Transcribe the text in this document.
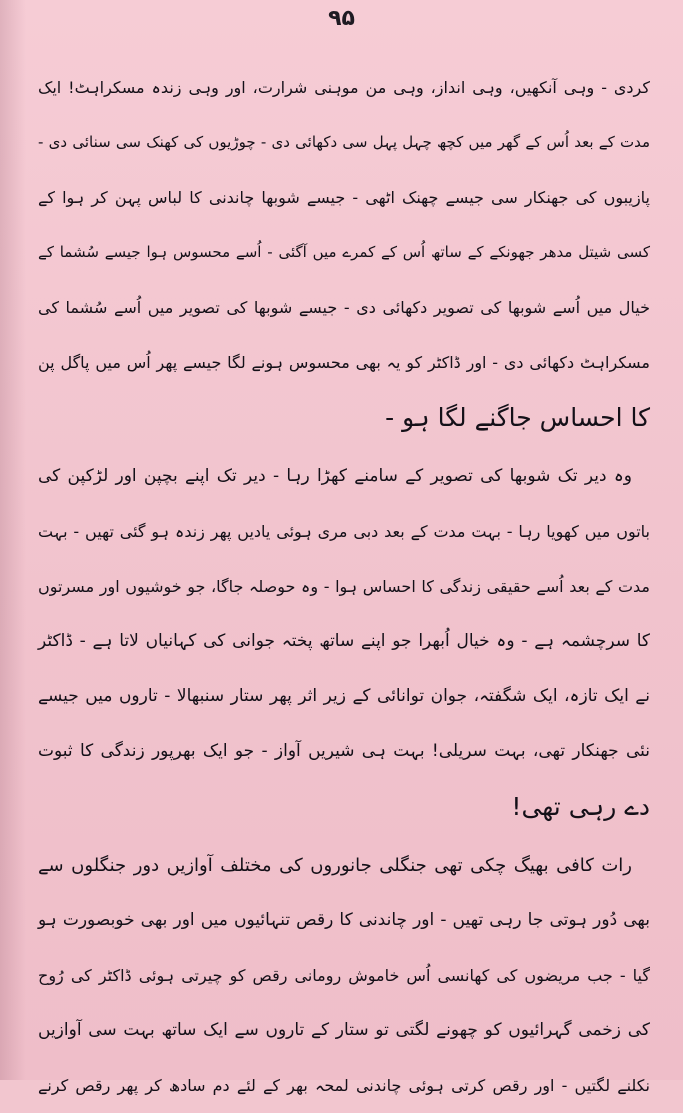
۹۵
کردی - وہی آنکھیں، وہی انداز، وہی من موہنی شرارت، اور وہی زندہ مسکراہٹ! ایک
مدت کے بعد اُس کے گھر میں کچھ چہل پہل سی دکھائی دی - چوڑیوں کی کھنک سی سنائی دی -
پازیبوں کی جھنکار سی جیسے چھنک اٹھی - جیسے شوبھا چاندنی کا لباس پہن کر ہوا کے
کسی شیتل مدھر جھونکے کے ساتھ اُس کے کمرے میں آگئی - اُسے محسوس ہوا جیسے سُشما کے
خیال میں اُسے شوبھا کی تصویر دکھائی دی - جیسے شوبھا کی تصویر میں اُسے سُشما کی
مسکراہٹ دکھائی دی - اور ڈاکٹر کو یہ بھی محسوس ہونے لگا جیسے پھر اُس میں پاگل پن
کا احساس جاگنے لگا ہو -
وہ دیر تک شوبھا کی تصویر کے سامنے کھڑا رہا - دیر تک اپنے بچپن اور لڑکپن کی
باتوں میں کھویا رہا - بہت مدت کے بعد دبی مری ہوئی یادیں پھر زندہ ہو گئی تھیں - بہت
مدت کے بعد اُسے حقیقی زندگی کا احساس ہوا - وہ حوصلہ جاگا، جو خوشیوں اور مسرتوں
کا سرچشمہ ہے - وہ خیال اُبھرا جو اپنے ساتھ پختہ جوانی کی کہانیاں لاتا ہے - ڈاکٹر
نے ایک تازہ، ایک شگفتہ، جوان توانائی کے زیر اثر پھر ستار سنبھالا - تاروں میں جیسے
نئی جھنکار تھی، بہت سریلی! بہت ہی شیریں آواز - جو ایک بھرپور زندگی کا ثبوت
دے رہی تھی!
رات کافی بھیگ چکی تھی جنگلی جانوروں کی مختلف آوازیں دور جنگلوں سے
بھی دُور ہوتی جا رہی تھیں - اور چاندنی کا رقص تنہائیوں میں اور بھی خوبصورت ہو
گیا - جب مریضوں کی کھانسی اُس خاموش رومانی رقص کو چیرتی ہوئی ڈاکٹر کی رُوح
کی زخمی گہرائیوں کو چھونے لگتی تو ستار کے تاروں سے ایک ساتھ بہت سی آوازیں
نکلنے لگتیں - اور رقص کرتی ہوئی چاندنی لمحہ بھر کے لئے دم سادھ کر پھر رقص کرنے
